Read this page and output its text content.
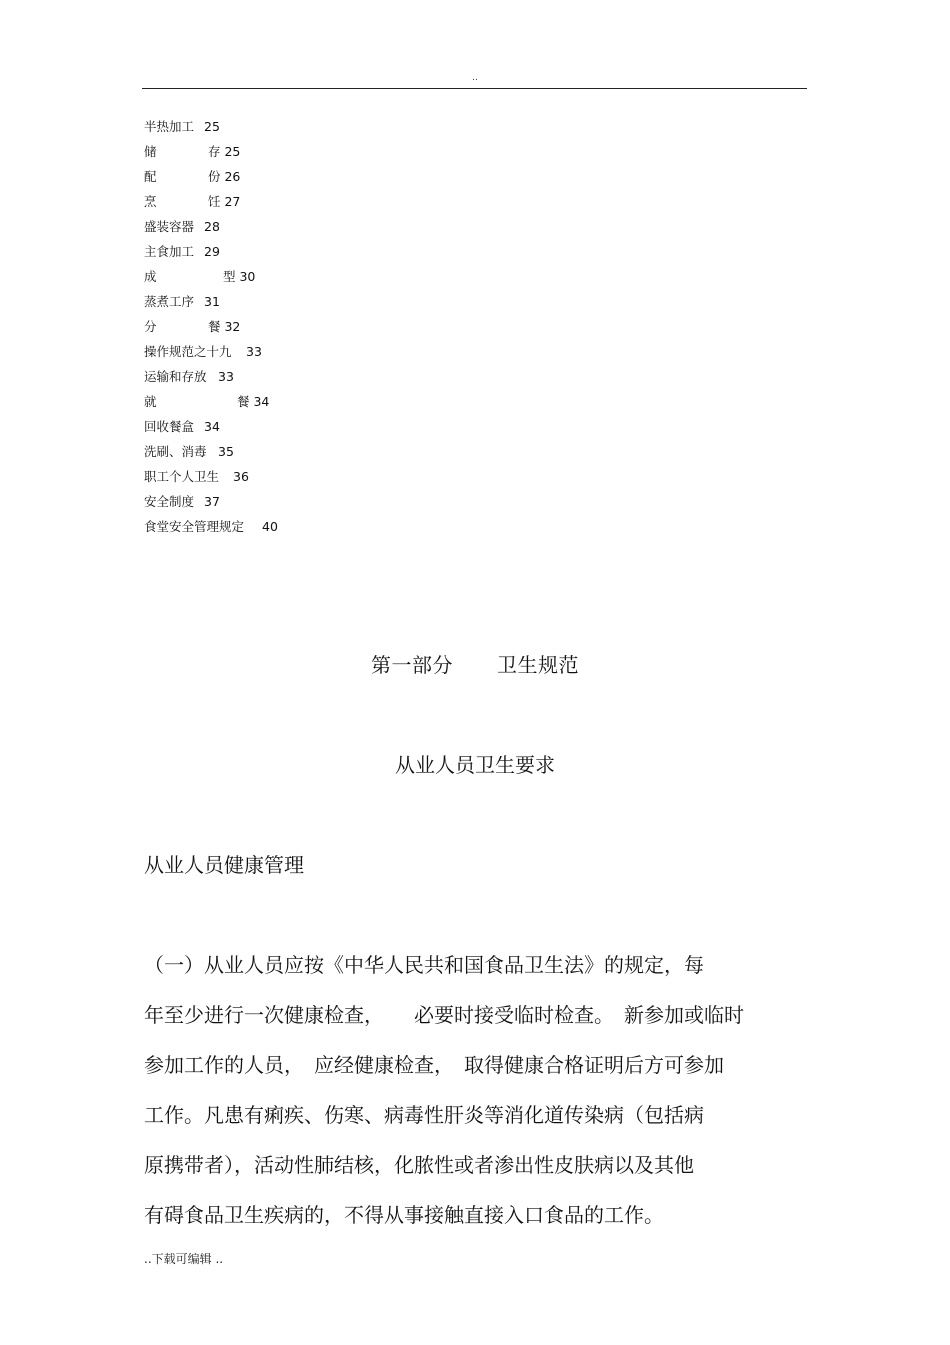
..
半热加工 25
储	存 25
配	份 26
烹	饪 27
盛装容器 28
主食加工 29
成	型 30
蒸煮工序 31
分	餐 32
操作规范之十九 33
运输和存放 33
就	餐 34
回收餐盒 34
洗刷、消毒 35
职工个人卫生 36
安全制度 37
食堂安全管理规定 40
第一部分 卫生规范
从业人员卫生要求
从业人员健康管理
（一）从业人员应按《中华人民共和国食品卫生法》的规定，每
年至少进行一次健康检查，　　必要时接受临时检查。　新参加或临时
参加工作的人员，　应经健康检查，　取得健康合格证明后方可参加
工作。凡患有痢疾、伤寒、病毒性肝炎等消化道传染病（包括病
原携带者），活动性肺结核，化脓性或者渗出性皮肤病以及其他
有碍食品卫生疾病的，不得从事接触直接入口食品的工作。
..下载可编辑 ..
